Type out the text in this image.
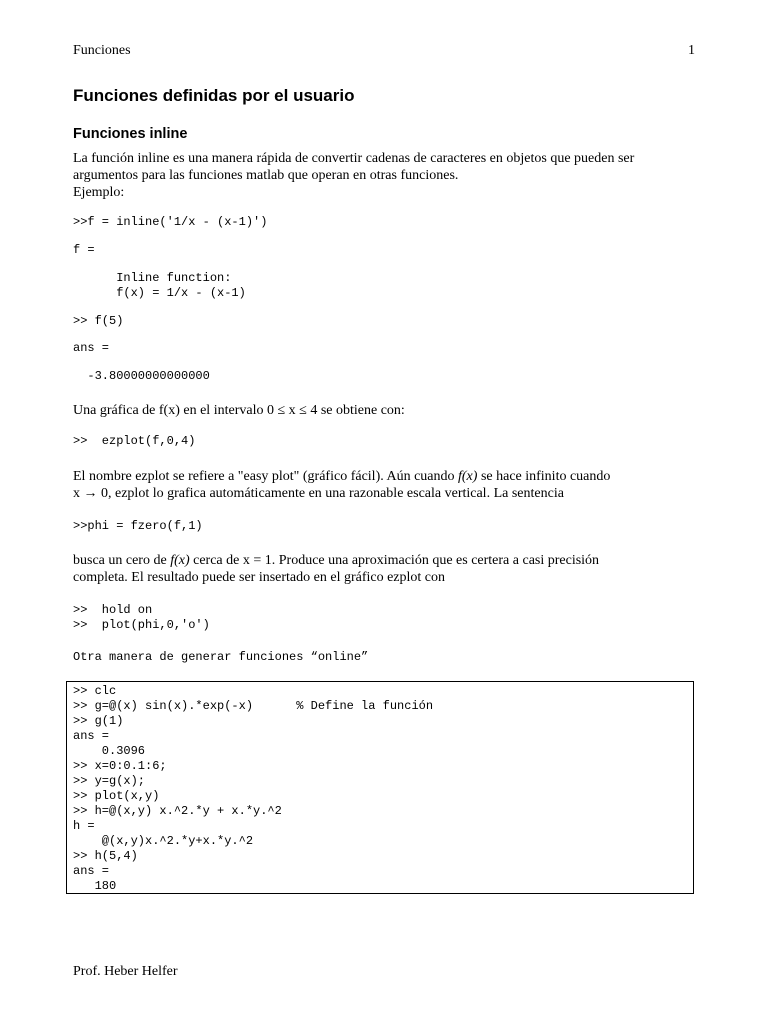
Funciones	1
Funciones definidas por el usuario
Funciones inline
La función inline es una manera rápida de convertir cadenas de caracteres en objetos que pueden ser
argumentos para las funciones matlab que operan en otras funciones.
Ejemplo:
>>f = inline('1/x - (x-1)')
f =
Inline function:
f(x) = 1/x - (x-1)
>> f(5)
ans =
-3.80000000000000
Una gráfica de f(x) en el intervalo 0 ≤ x ≤ 4 se obtiene con:
>>  ezplot(f,0,4)
El nombre ezplot se refiere a "easy plot" (gráfico fácil). Aún cuando f(x) se hace infinito cuando
x → 0, ezplot lo grafica automáticamente en una razonable escala vertical. La sentencia
>>phi = fzero(f,1)
busca un cero de f(x) cerca de x = 1. Produce una aproximación que es certera a casi precisión
completa. El resultado puede ser insertado en el gráfico ezplot con
>>  hold on
>>  plot(phi,0,'o')
Otra manera de generar funciones “online”
>> clc
>> g=@(x) sin(x).*exp(-x)      % Define la función
>> g(1)
ans =
0.3096
>> x=0:0.1:6;
>> y=g(x);
>> plot(x,y)
>> h=@(x,y) x.^2.*y + x.*y.^2
h =
@(x,y)x.^2.*y+x.*y.^2
>> h(5,4)
ans =
180
Prof. Heber Helfer
